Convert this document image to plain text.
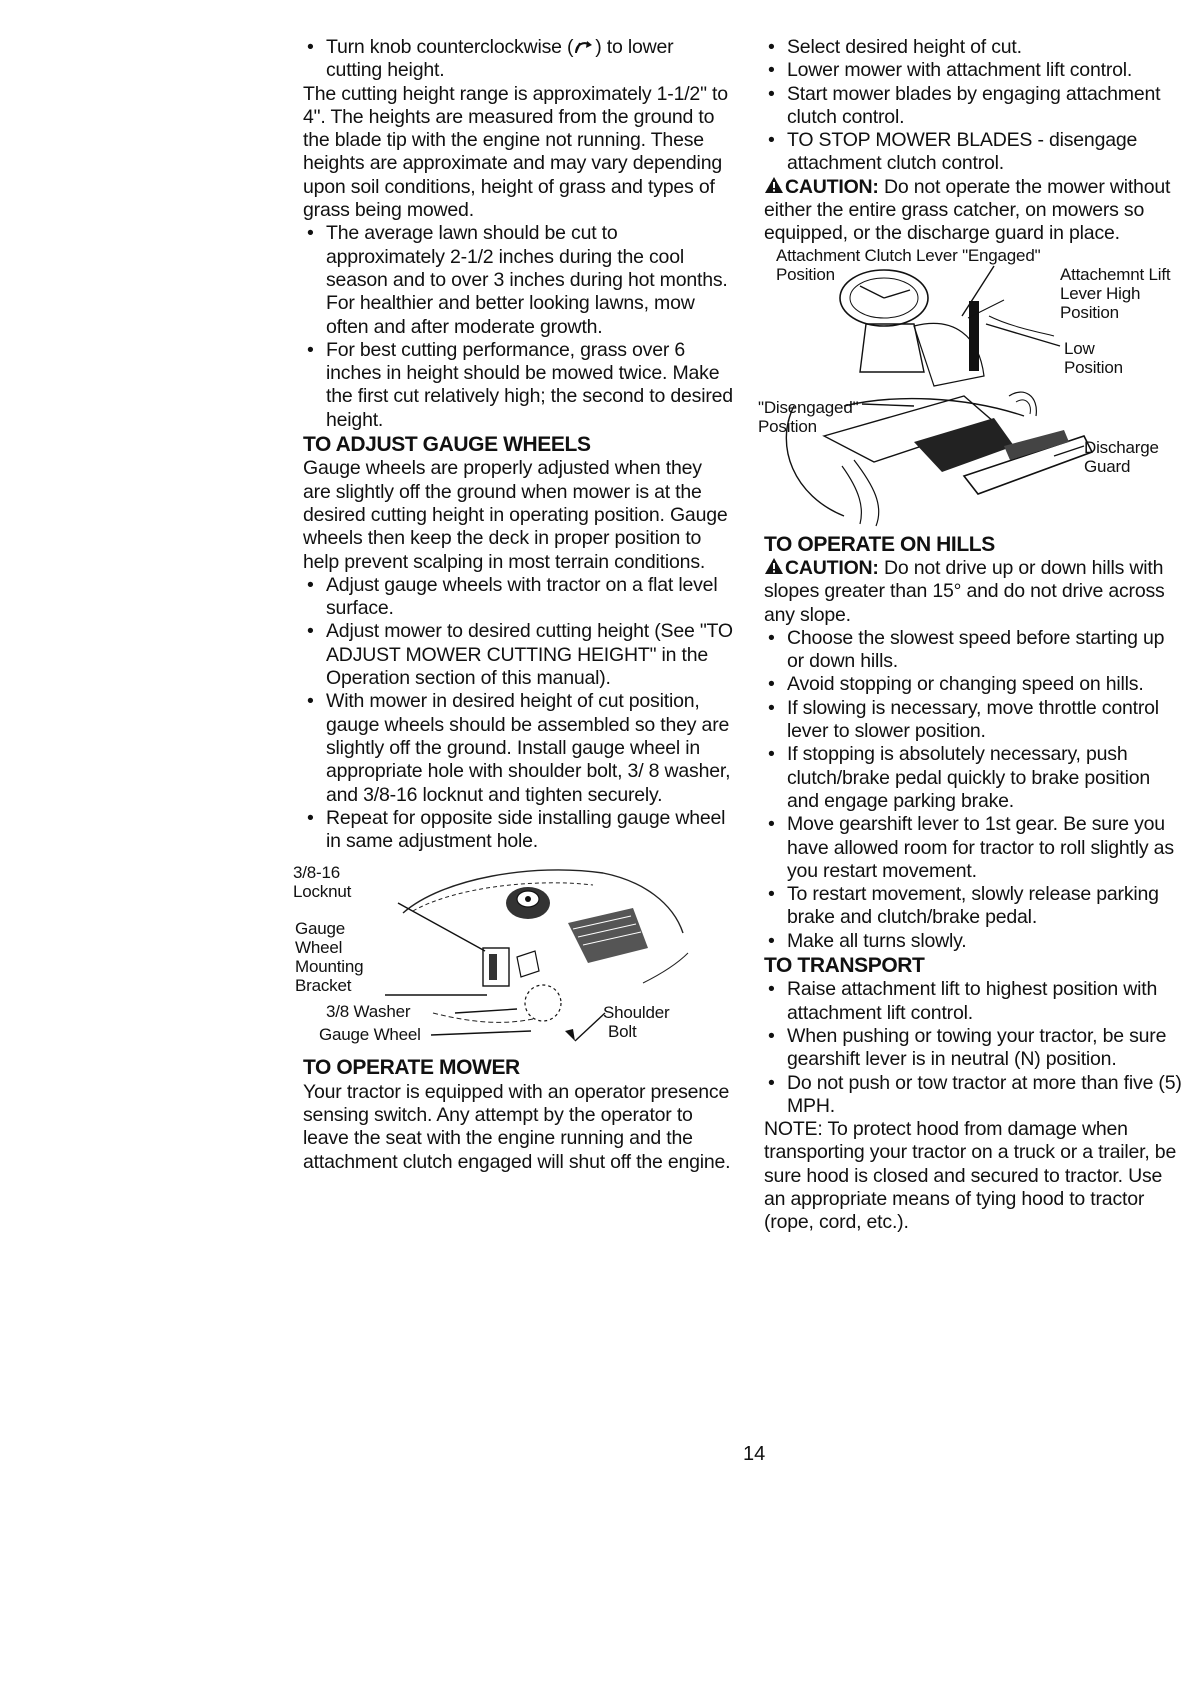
• Turn knob counterclockwise ( ) to lower cutting height.

The cutting height range is approximately 1-1/2" to 4". The heights are measured from the ground to the blade tip with the engine not running. These heights are approximate and may vary depending upon soil conditions, height of grass and types of grass being mowed.

• The average lawn should be cut to approximately 2-1/2 inches during the cool season and to over 3 inches during hot months. For healthier and better looking lawns, mow often and after moderate growth.
• For best cutting performance, grass over 6 inches in height should be mowed twice. Make the first cut relatively high; the second to desired height.
TO ADJUST GAUGE WHEELS

Gauge wheels are properly adjusted when they are slightly off the ground when mower is at the desired cutting height in operating position. Gauge wheels then keep the deck in proper position to help prevent scalping in most terrain conditions.

• Adjust gauge wheels with tractor on a flat level surface.
• Adjust mower to desired cutting height (See "TO ADJUST MOWER CUTTING HEIGHT" in the Operation section of this manual).
• With mower in desired height of cut position, gauge wheels should be assembled so they are slightly off the ground. Install gauge wheel in appropriate hole with shoulder bolt, 3/ 8 washer, and 3/8-16 locknut and tighten securely.
• Repeat for opposite side installing gauge wheel in same adjustment hole.
3/8-16
Locknut
Gauge
Wheel
Mounting
Bracket
3/8 Washer
Gauge Wheel
Shoulder
Bolt
TO OPERATE MOWER

Your tractor is equipped with an operator presence sensing switch. Any attempt by the operator to leave the seat with the engine running and the attachment clutch engaged will shut off the engine.

• Select desired height of cut.
• Lower mower with attachment lift control.
• Start mower blades by engaging attachment clutch control.
• TO STOP MOWER BLADES - disengage attachment clutch control.

CAUTION: Do not operate the mower without either the entire grass catcher, on mowers so equipped, or the discharge guard in place.

Attachment Clutch Lever "Engaged"
Position	Attachemnt Lift
Lever High
Position
Low
Position
"Disengaged"
Position
Discharge
Guard
TO OPERATE ON HILLS

CAUTION: Do not drive up or down hills with slopes greater than 15° and do not drive across any slope.

• Choose the slowest speed before starting up or down hills.
• Avoid stopping or changing speed on hills.
• If slowing is necessary, move throttle control lever to slower position.
• If stopping is absolutely necessary, push clutch/brake pedal quickly to brake position and engage parking brake.
• Move gearshift lever to 1st gear. Be sure you have allowed room for tractor to roll slightly as you restart movement.
• To restart movement, slowly release parking brake and clutch/brake pedal.
• Make all turns slowly.
TO TRANSPORT
• Raise attachment lift to highest position with attachment lift control.
• When pushing or towing your tractor, be sure gearshift lever is in neutral (N) position.
• Do not push or tow tractor at more than five (5) MPH.

NOTE: To protect hood from damage when transporting your tractor on a truck or a trailer, be sure hood is closed and secured to tractor. Use an appropriate means of tying hood to tractor (rope, cord, etc.).

14
